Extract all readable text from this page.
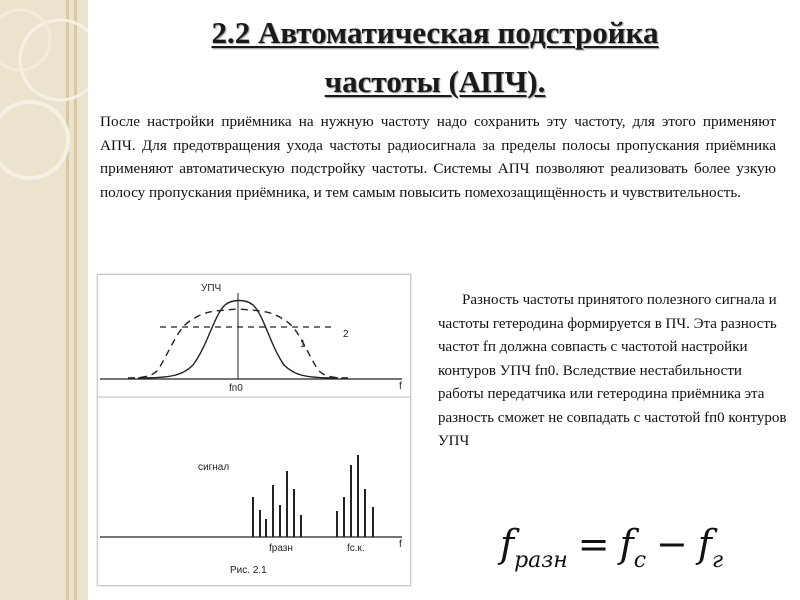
2.2 Автоматическая подстройка
частоты (АПЧ).
После настройки приёмника на нужную частоту надо сохранить эту частоту, для этого применяют АПЧ. Для предотвращения ухода частоты радиосигнала за пределы полосы пропускания приёмника применяют автоматическую подстройку частоты. Системы АПЧ позволяют реализовать более узкую полосу пропускания приёмника, и тем самым повысить помехозащищённость и чувствительность.
f
УПЧ
1
2
fп0
сигнал
f
fразн	fс.к.
Рис. 2.1

Разность частоты принятого полезного сигнала и частоты гетеродина формируется в ПЧ. Эта разность частот fп должна совпасть с частотой настройки контуров УПЧ fп0. Вследствие нестабильности работы передатчика или гетеродина приёмника эта разность сможет не совпадать с частотой fп0 контуров УПЧ

$f_{разн} = f_c - f_г$
